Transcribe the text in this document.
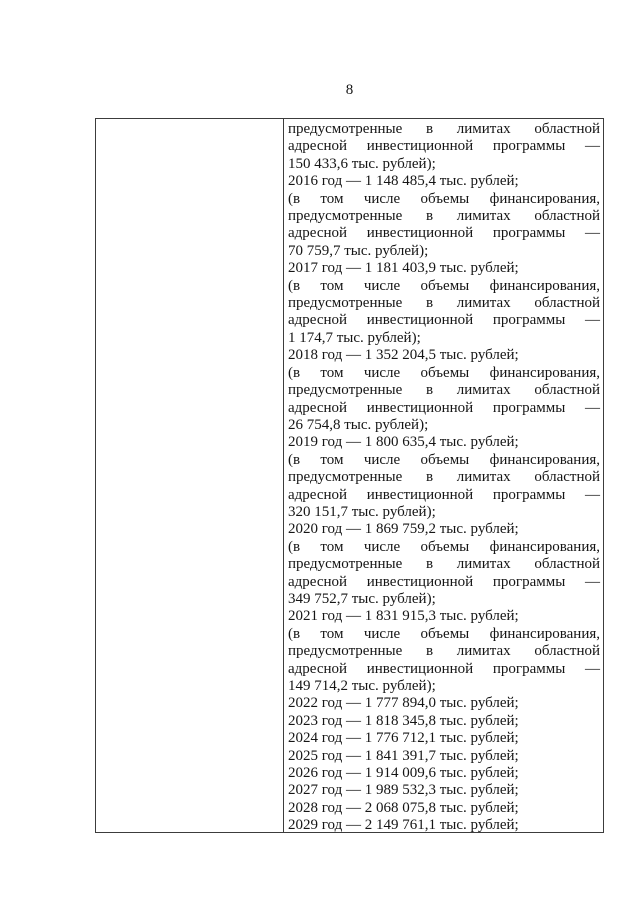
8
предусмотренные в лимитах областной
адресной инвестиционной программы —
150 433,6 тыс. рублей);
2016 год — 1 148 485,4 тыс. рублей;
(в том числе объемы финансирования,
предусмотренные в лимитах областной
адресной инвестиционной программы —
70 759,7 тыс. рублей);
2017 год — 1 181 403,9 тыс. рублей;
(в том числе объемы финансирования,
предусмотренные в лимитах областной
адресной инвестиционной программы —
1 174,7 тыс. рублей);
2018 год — 1 352 204,5 тыс. рублей;
(в том числе объемы финансирования,
предусмотренные в лимитах областной
адресной инвестиционной программы —
26 754,8 тыс. рублей);
2019 год — 1 800 635,4 тыс. рублей;
(в том числе объемы финансирования,
предусмотренные в лимитах областной
адресной инвестиционной программы —
320 151,7 тыс. рублей);
2020 год — 1 869 759,2 тыс. рублей;
(в том числе объемы финансирования,
предусмотренные в лимитах областной
адресной инвестиционной программы —
349 752,7 тыс. рублей);
2021 год — 1 831 915,3 тыс. рублей;
(в том числе объемы финансирования,
предусмотренные в лимитах областной
адресной инвестиционной программы —
149 714,2 тыс. рублей);
2022 год — 1 777 894,0 тыс. рублей;
2023 год — 1 818 345,8 тыс. рублей;
2024 год — 1 776 712,1 тыс. рублей;
2025 год — 1 841 391,7 тыс. рублей;
2026 год — 1 914 009,6 тыс. рублей;
2027 год — 1 989 532,3 тыс. рублей;
2028 год — 2 068 075,8 тыс. рублей;
2029 год — 2 149 761,1 тыс. рублей;
